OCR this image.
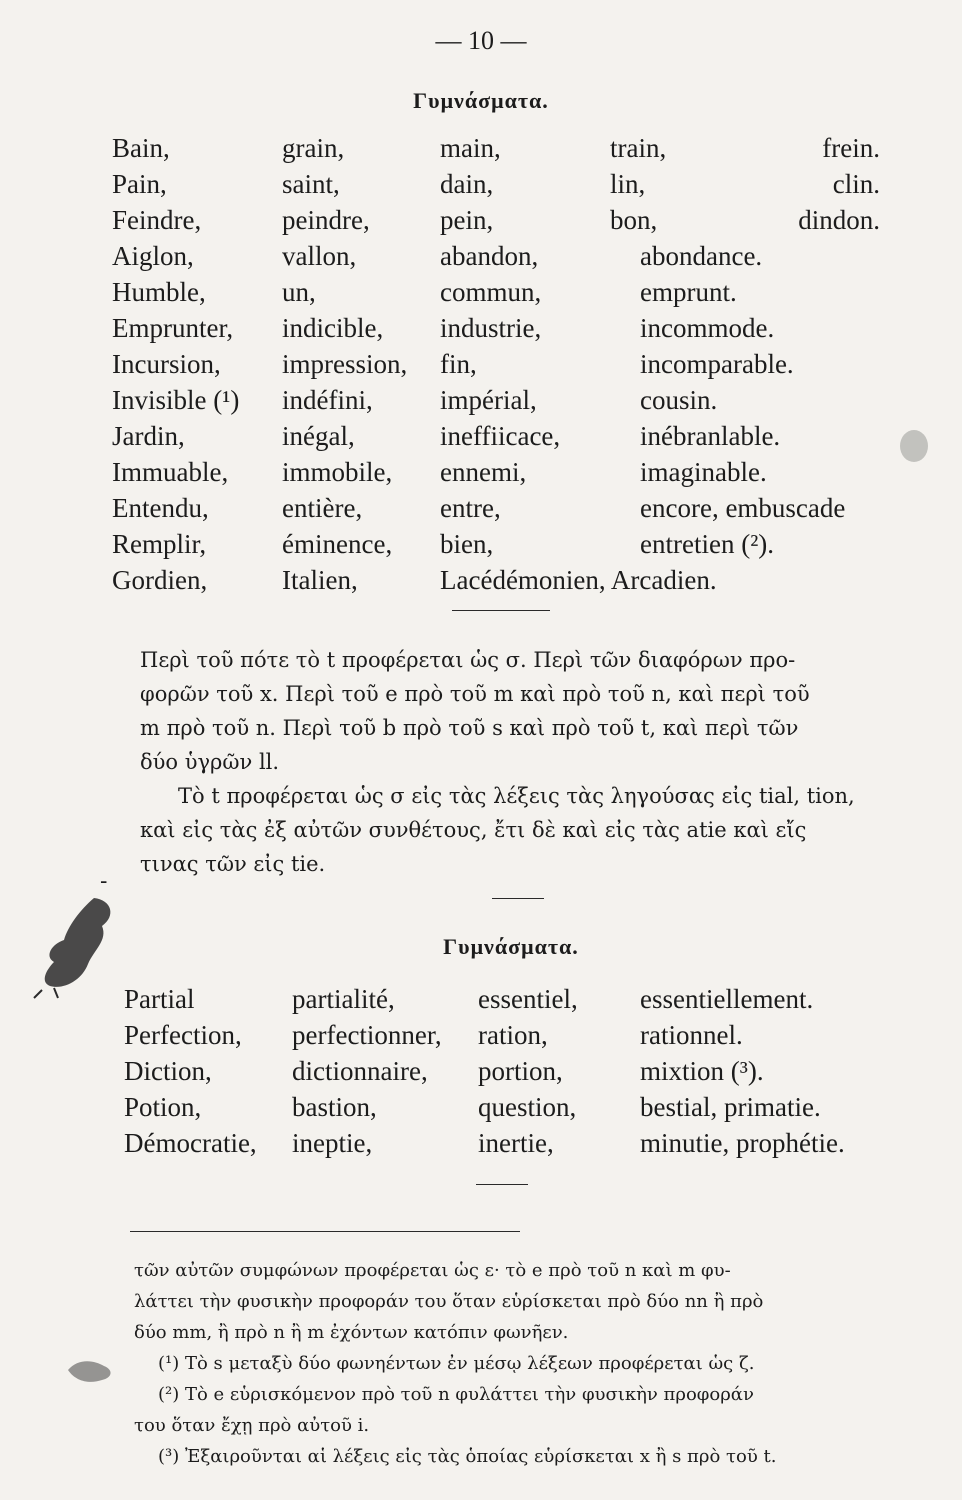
— 10 —
Γυμνάσματα.
Bain,	grain,	main,	train,	frein.
Pain,	saint,	dain,	lin,	clin.
Feindre,	peindre,	pein,	bon,	dindon.
Aiglon,	vallon,	abandon,	abondance.
Humble,	un,	commun,	emprunt.
Emprunter,	indicible,	industrie,	incommode.
Incursion,	impression,	fin,	incomparable.
Invisible (¹)	indéfini,	impérial,	cousin.
Jardin,	inégal,	ineffiicace,	inébranlable.
Immuable,	immobile,	ennemi,	imaginable.
Entendu,	entière,	entre,	encore, embuscade
Remplir,	éminence,	bien,	entretien (²).
Gordien,	Italien,	Lacédémonien, Arcadien.
Περὶ τοῦ πότε τὸ t προφέρεται ὡς σ. Περὶ τῶν διαφόρων προ-
φορῶν τοῦ x. Περὶ τοῦ e πρὸ τοῦ m καὶ πρὸ τοῦ n, καὶ περὶ τοῦ
m πρὸ τοῦ n. Περὶ τοῦ b πρὸ τοῦ s καὶ πρὸ τοῦ t, καὶ περὶ τῶν
δύο ὑγρῶν ll.
Τὸ t προφέρεται ὡς σ εἰς τὰς λέξεις τὰς ληγούσας εἰς tial, tion,
καὶ εἰς τὰς ἐξ αὐτῶν συνθέτους, ἔτι δὲ καὶ εἰς τὰς atie καὶ εἴς
τινας τῶν εἰς tie.
-
Γυμνάσματα.
Partial	partialité,	essentiel,	essentiellement.
Perfection,	perfectionner,	ration,	rationnel.
Diction,	dictionnaire,	portion,	mixtion (³).
Potion,	bastion,	question,	bestial, primatie.
Démocratie,	ineptie,	inertie,	minutie, prophétie.
τῶν αὐτῶν συμφώνων προφέρεται ὡς ε· τὸ e πρὸ τοῦ n καὶ m φυ-
λάττει τὴν φυσικὴν προφοράν του ὅταν εὑρίσκεται πρὸ δύο nn ἢ πρὸ
δύο mm, ἢ πρὸ n ἢ m ἐχόντων κατόπιν φωνῆεν.
(¹) Τὸ s μεταξὺ δύο φωνηέντων ἐν μέσῳ λέξεων προφέρεται ὡς ζ.
(²) Τὸ e εὑρισκόμενον πρὸ τοῦ n φυλάττει τὴν φυσικὴν προφοράν
του ὅταν ἔχῃ πρὸ αὐτοῦ i.
(³) Ἐξαιροῦνται αἱ λέξεις εἰς τὰς ὁποίας εὑρίσκεται x ἢ s πρὸ τοῦ t.
